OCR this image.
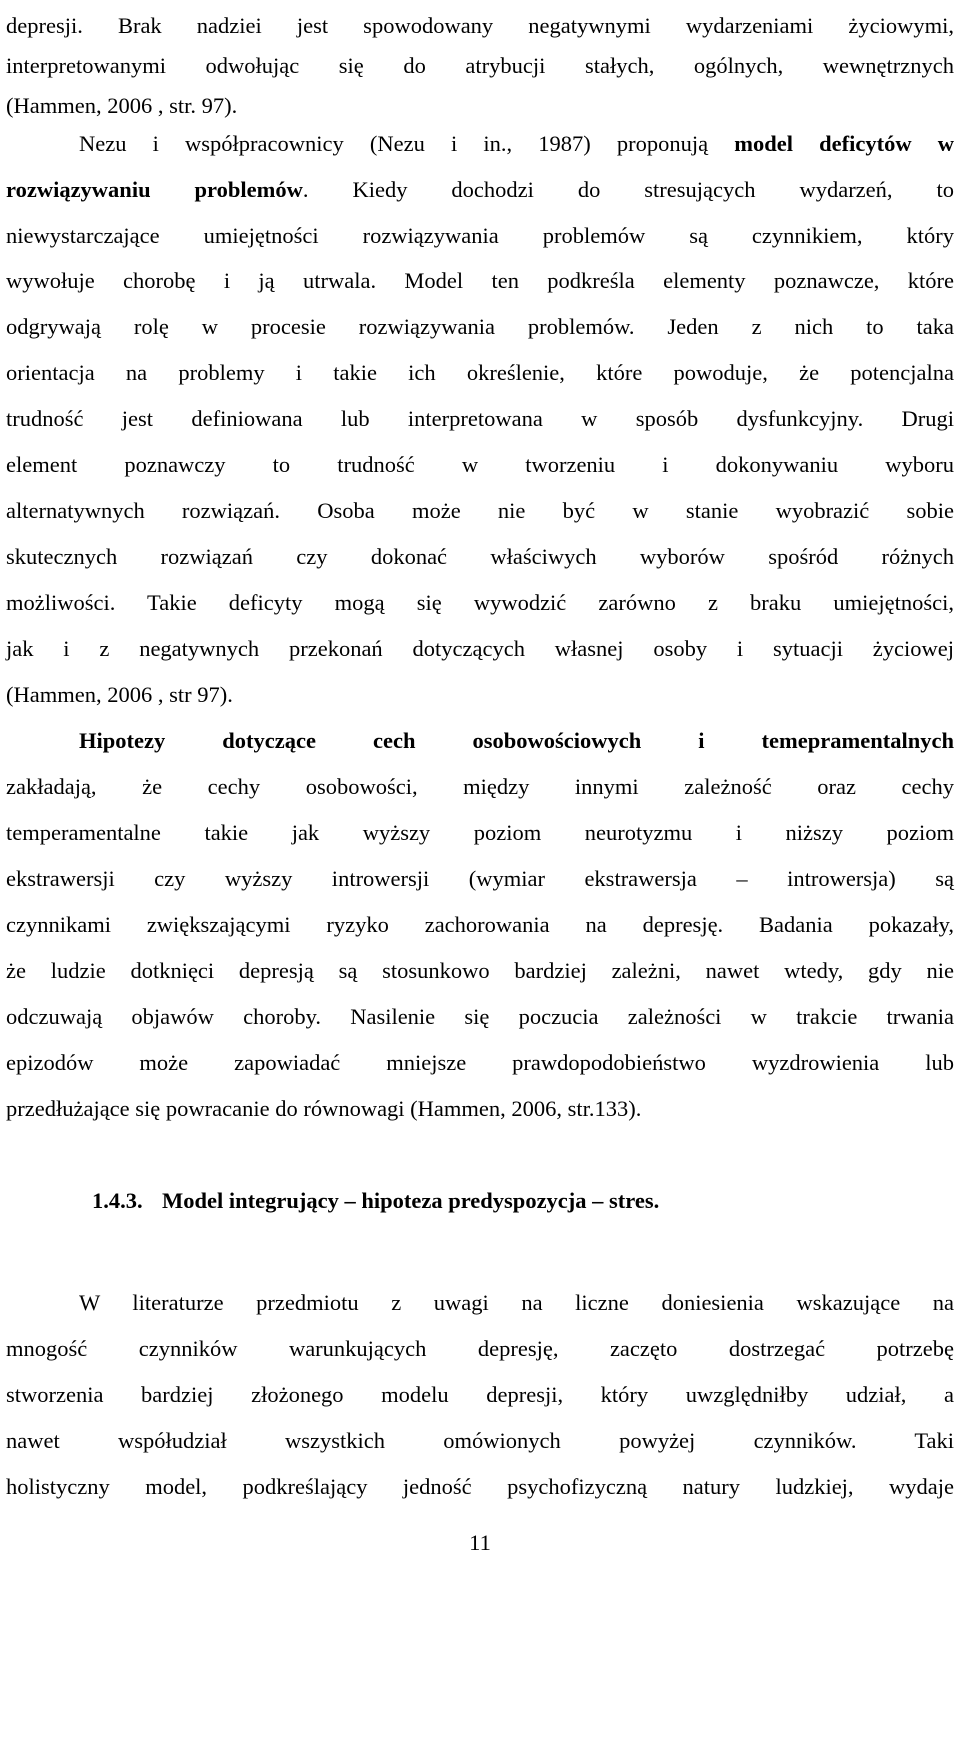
depresji. Brak nadziei jest spowodowany negatywnymi wydarzeniami życiowymi,
interpretowanymi odwołując się do atrybucji stałych, ogólnych, wewnętrznych
(Hammen, 2006 , str. 97).
Nezu i współpracownicy (Nezu i in., 1987) proponują model deficytów w
rozwiązywaniu problemów. Kiedy dochodzi do stresujących wydarzeń, to
niewystarczające umiejętności rozwiązywania problemów są czynnikiem, który
wywołuje chorobę i ją utrwala. Model ten podkreśla elementy poznawcze, które
odgrywają rolę w procesie rozwiązywania problemów. Jeden z nich to taka
orientacja na problemy i takie ich określenie, które powoduje, że potencjalna
trudność jest definiowana lub interpretowana w sposób dysfunkcyjny. Drugi
element poznawczy to trudność w tworzeniu i dokonywaniu wyboru
alternatywnych rozwiązań. Osoba może nie być w stanie wyobrazić sobie
skutecznych rozwiązań czy dokonać właściwych wyborów spośród różnych
możliwości. Takie deficyty mogą się wywodzić zarówno z braku umiejętności,
jak i z negatywnych przekonań dotyczących własnej osoby i sytuacji życiowej
(Hammen, 2006 , str 97).
Hipotezy dotyczące cech osobowościowych i temepramentalnych
zakładają, że cechy osobowości, między innymi zależność oraz cechy
temperamentalne takie jak wyższy poziom neurotyzmu i niższy poziom
ekstrawersji czy wyższy introwersji (wymiar ekstrawersja – introwersja) są
czynnikami zwiększającymi ryzyko zachorowania na depresję. Badania pokazały,
że ludzie dotknięci depresją są stosunkowo bardziej zależni, nawet wtedy, gdy nie
odczuwają objawów choroby. Nasilenie się poczucia zależności w trakcie trwania
epizodów może zapowiadać mniejsze prawdopodobieństwo wyzdrowienia lub
przedłużające się powracanie do równowagi (Hammen, 2006, str.133).
1.4.3. Model integrujący – hipoteza predyspozycja – stres.
W literaturze przedmiotu z uwagi na liczne doniesienia wskazujące na
mnogość czynników warunkujących depresję, zaczęto dostrzegać potrzebę
stworzenia bardziej złożonego modelu depresji, który uwzględniłby udział, a
nawet współudział wszystkich omówionych powyżej czynników. Taki
holistyczny model, podkreślający jedność psychofizyczną natury ludzkiej, wydaje
11
